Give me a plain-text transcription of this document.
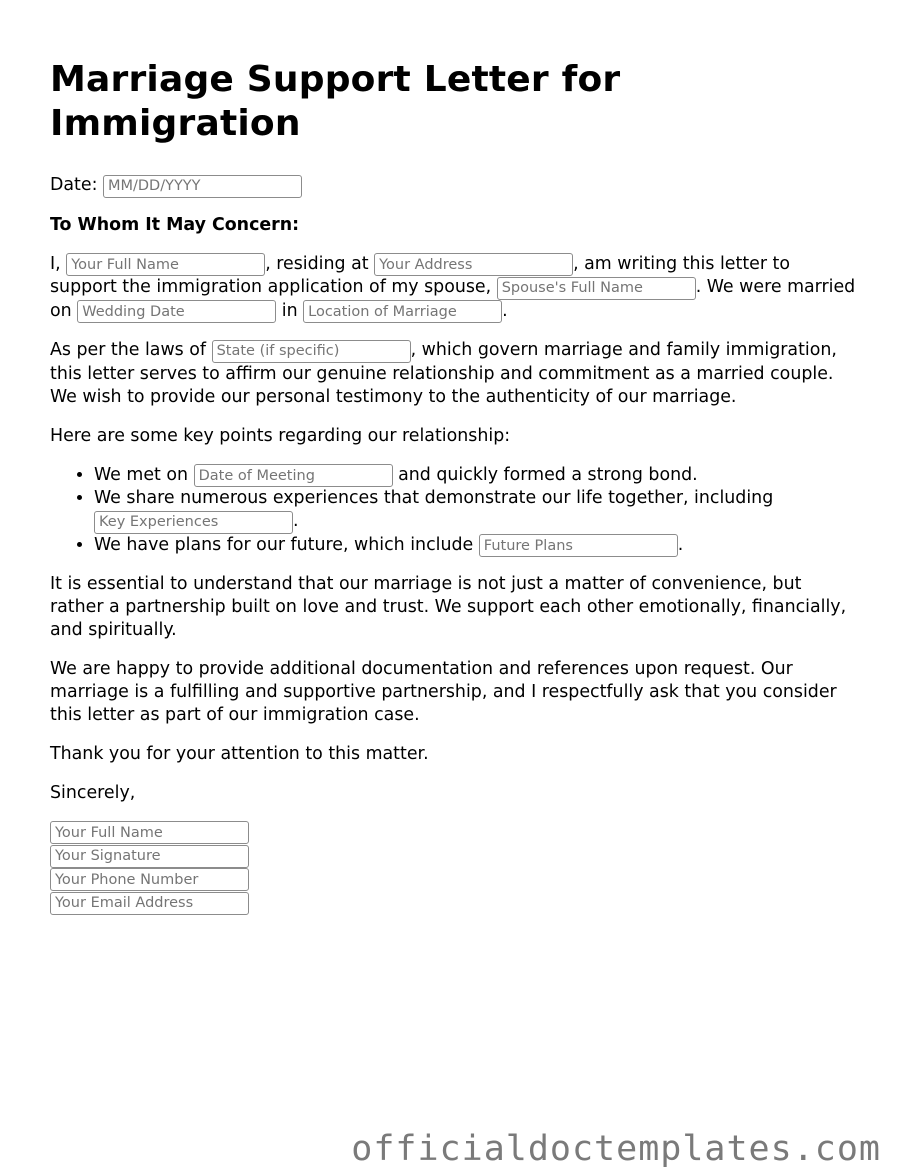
Marriage Support Letter for Immigration

Date: MM/DD/YYYY

To Whom It May Concern:

I, Your Full Name	, residing at Your Address	, am writing this letter to support the immigration application of my spouse, Spouse's Full Name	. We were married on Wedding Date	in Location of Marriage	.

As per the laws of State (if specific)	, which govern marriage and family immigration, this letter serves to affirm our genuine relationship and commitment as a married couple. We wish to provide our personal testimony to the authenticity of our marriage.

Here are some key points regarding our relationship:

• We met on Date of Meeting	and quickly formed a strong bond.
• We share numerous experiences that demonstrate our life together, including Key Experiences.
• We have plans for our future, which include Future Plans	.

It is essential to understand that our marriage is not just a matter of convenience, but rather a partnership built on love and trust. We support each other emotionally, financially, and spiritually.

We are happy to provide additional documentation and references upon request. Our marriage is a fulfilling and supportive partnership, and I respectfully ask that you consider this letter as part of our immigration case.

Thank you for your attention to this matter.

Sincerely,

Your Full Name
Your Signature
Your Phone Number
Your Email Address
officialdoctemplates.com
